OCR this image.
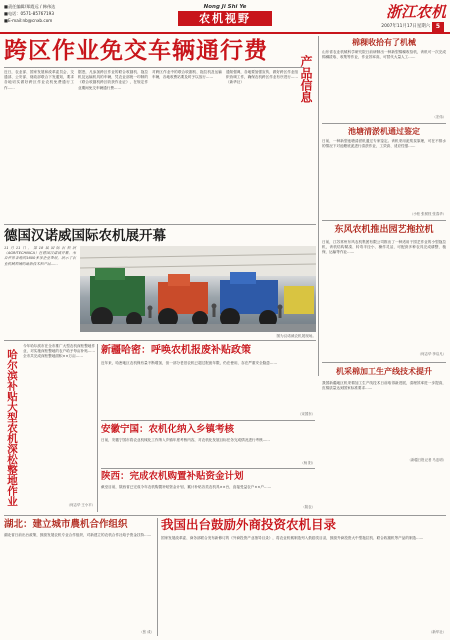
■责任编辑/郑霞远 / 韩伟达
■电话：0571-85767193
■E-mail:nb@cnxb.com
Nong Ji Shi Ye
农机视野	浙江农机
2007年11月17日星期六 5
跨区作业免交车辆通行费
近日，农业部、国家发展和改革委员会、交通部、公安部、财政部联合下发通知，要求各地切实做好跨区作业农机免费通行工作……
据悉，凡参加跨区作业的联合收割机、拖拉机及运输机具的车辆，凭农业部统一印制的《联合收割机跨区收获作业证》，在规定作业期间免交车辆通行费……
对跨区作业中的联合收割机、拖拉机及运输车辆，各地收费站要及时予以放行……
通知强调，各地要加强宣传，做好跨区作业组织协调工作，确保农机跨区作业有序进行……（新华社）	产品信息
棉稞收拾有了机械
山东省农业机械科学研究院日前研制出一种新型棉稞收拾机，该机可一次完成棉稞拔取、收集等作业，作业效率高，可替代大量人工……
（宏伟）
池塘清淤机通过鉴定
日前，一种新型池塘清淤机通过专家鉴定。该机采用泥浆泵原理，可在不排水的情况下对池塘底泥进行清淤作业，工效高、适应性强……
（小松 张树枝 张春华）
东风农机推出园艺拖拉机
日前，江苏常州东风农机集团有限公司推出了一种适用于园艺作业的小型拖拉机，该机结构紧凑、转弯半径小、操作灵活，可配套多种农具完成耕整、植保、运输等作业……
（何志华 李启凡）
机采棉加工生产线技术提升
我国新疆地区机采棉加工生产线技术日前取得新进展，清理效率进一步提高，皮棉质量达到国家标准要求……
（新疆日报记者 马忠明）
德国汉诺威国际农机展开幕
11月11日，第18届国际农机展（AGRITECHNICA）在德国汉诺威开幕，来自世界各地的1600多家企业参展，展示了农业机械领域的最新技术和产品……
图为汉诺威农机展现场。
哈尔滨补贴大型农机深松整地作业
今年哈尔滨市在全市推广大型农机深松整地作业，对实施深松整地的农户给予每亩补贴……全市共完成深松整地面积××万亩……
（何志华 王小平）
新疆哈密：呼唤农机报废补贴政策
近年来，哈密地区农机保有量不断增加，但一部分老旧农机已超过报废年限，仍在使用，存在严重安全隐患……
（宋国东）
安徽宁国：农机化纳入乡镇考核
日前，安徽宁国市将农业机械化工作纳入乡镇年度考核内容，对农机化发展目标任务完成情况进行考核……
（杨 阳）
陕西：完成农机购置补贴资金计划
截至目前，陕西省已完成今年农机购置补贴资金计划，累计补贴各类农机具××台，直接受益农户××户……
（陕农）
湖北：建立城市農机合作组织
湖北省日前出台政策，鼓励发展农机专业合作组织，对新建立的农机合作社给予资金扶持……
（张 成）
我国出台鼓励外商投资农机目录
国家发展改革委、商务部联合发布新修订的《外商投资产业指导目录》，将农业机械制造列入鼓励类目录，鼓励外商投资大中型拖拉机、联合收割机等产品的制造……
（新华社）
